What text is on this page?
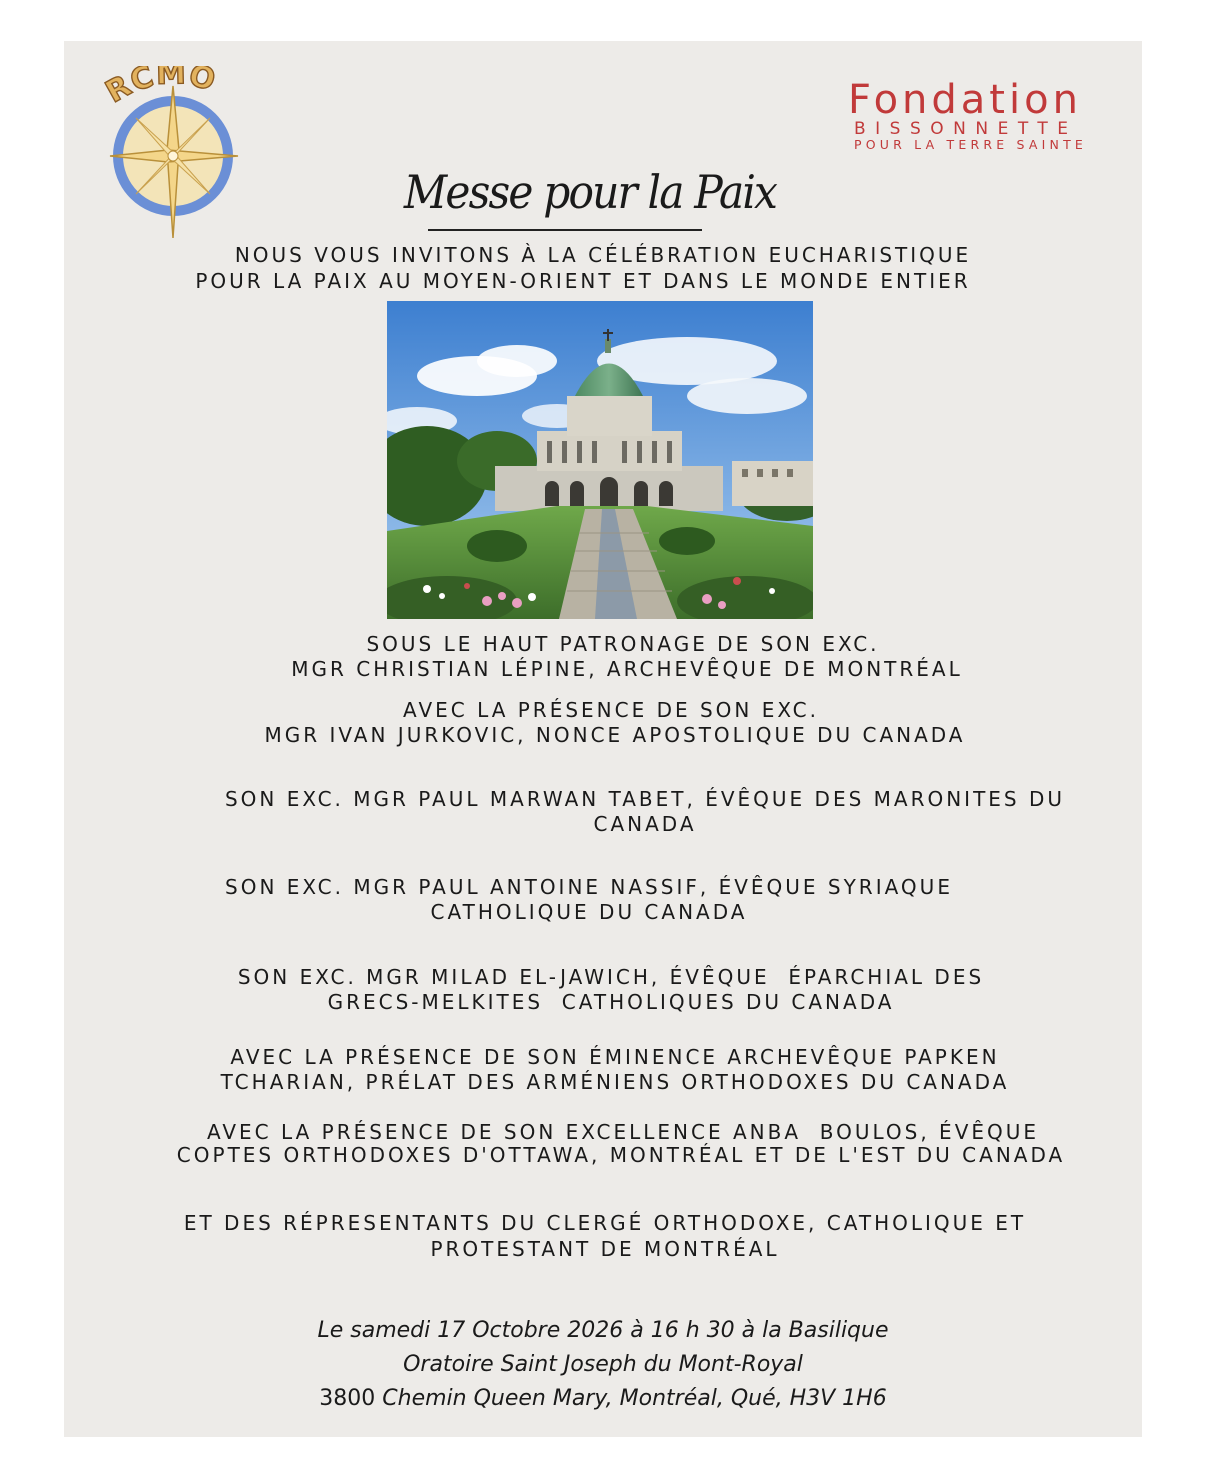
RCMO	Fondation
BISSONNETTE
POUR LA TERRE SAINTE
Messe pour la Paix
NOUS VOUS INVITONS À LA CÉLÉBRATION EUCHARISTIQUE
POUR LA PAIX AU MOYEN-ORIENT ET DANS LE MONDE ENTIER
SOUS LE HAUT PATRONAGE DE SON EXC.
MGR CHRISTIAN LÉPINE, ARCHEVÊQUE DE MONTRÉAL
AVEC LA PRÉSENCE DE SON EXC.
MGR IVAN JURKOVIC, NONCE APOSTOLIQUE DU CANADA
SON EXC. MGR PAUL MARWAN TABET, ÉVÊQUE DES MARONITES DU
CANADA
SON EXC. MGR PAUL ANTOINE NASSIF, ÉVÊQUE SYRIAQUE
CATHOLIQUE DU CANADA
SON EXC. MGR MILAD EL-JAWICH, ÉVÊQUE  ÉPARCHIAL DES
GRECS-MELKITES  CATHOLIQUES DU CANADA
AVEC LA PRÉSENCE DE SON ÉMINENCE ARCHEVÊQUE PAPKEN
TCHARIAN, PRÉLAT DES ARMÉNIENS ORTHODOXES DU CANADA
AVEC LA PRÉSENCE DE SON EXCELLENCE ANBA  BOULOS, ÉVÊQUE
COPTES ORTHODOXES D'OTTAWA, MONTRÉAL ET DE L'EST DU CANADA
ET DES RÉPRESENTANTS DU CLERGÉ ORTHODOXE, CATHOLIQUE ET
PROTESTANT DE MONTRÉAL
Le samedi 17 Octobre 2026 à 16 h 30 à la Basilique
Oratoire Saint Joseph du Mont-Royal
3800 Chemin Queen Mary, Montréal, Qué, H3V 1H6
